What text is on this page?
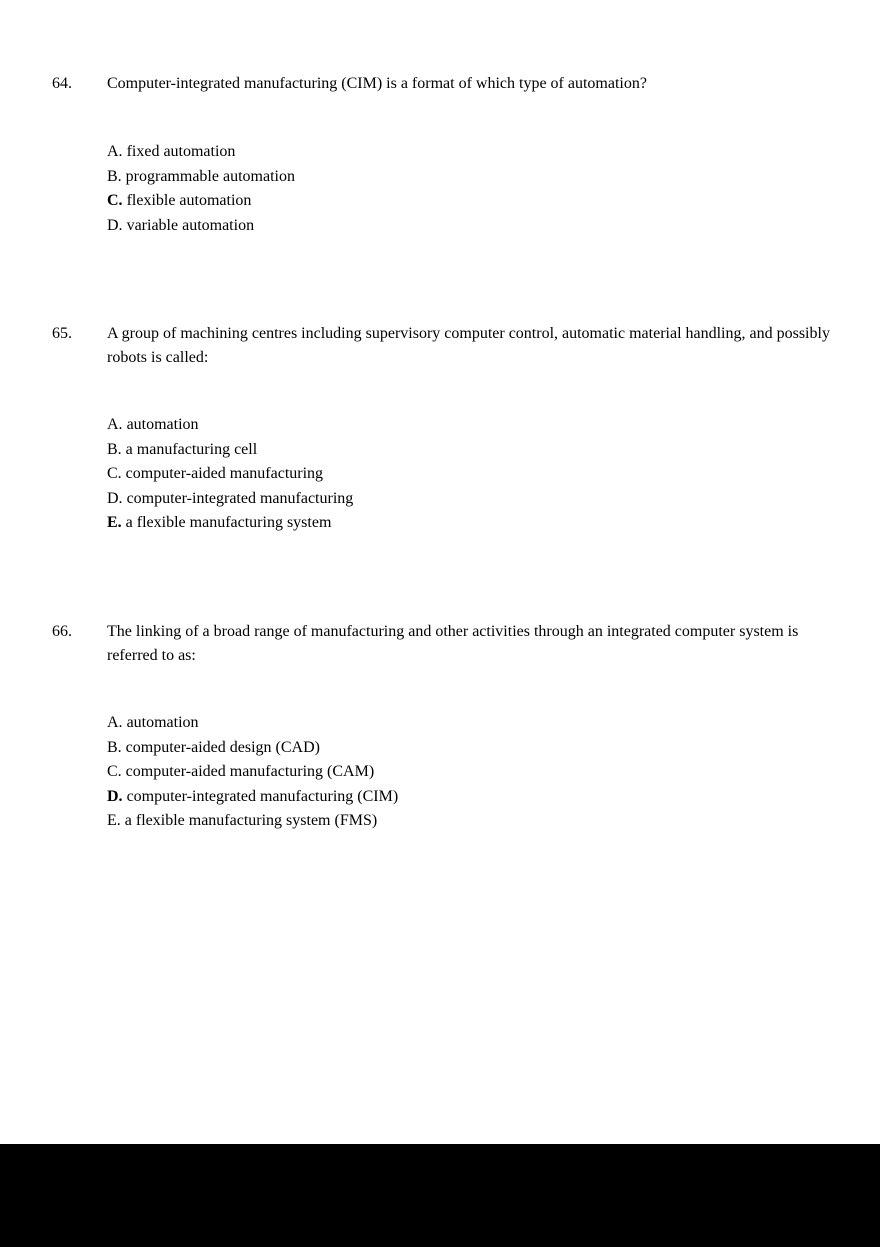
64. Computer-integrated manufacturing (CIM) is a format of which type of automation?
A. fixed automation
B. programmable automation
C. flexible automation
D. variable automation
65. A group of machining centres including supervisory computer control, automatic material handling, and possibly robots is called:
A. automation
B. a manufacturing cell
C. computer-aided manufacturing
D. computer-integrated manufacturing
E. a flexible manufacturing system
66. The linking of a broad range of manufacturing and other activities through an integrated computer system is referred to as:
A. automation
B. computer-aided design (CAD)
C. computer-aided manufacturing (CAM)
D. computer-integrated manufacturing (CIM)
E. a flexible manufacturing system (FMS)
